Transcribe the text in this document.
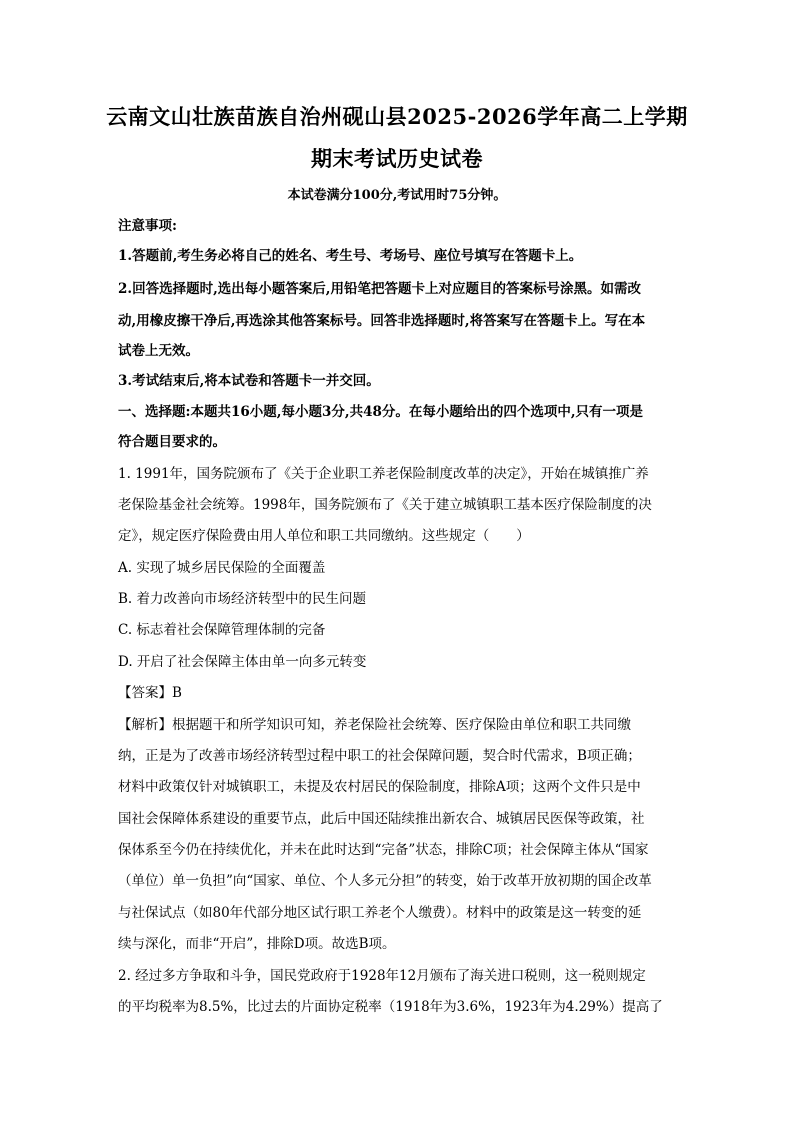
云南文山壮族苗族自治州砚山县2025-2026学年高二上学期
期末考试历史试卷
本试卷满分100分,考试用时75分钟。
注意事项:
1.答题前,考生务必将自己的姓名、考生号、考场号、座位号填写在答题卡上。
2.回答选择题时,选出每小题答案后,用铅笔把答题卡上对应题目的答案标号涂黑。如需改
动,用橡皮擦干净后,再选涂其他答案标号。回答非选择题时,将答案写在答题卡上。写在本
试卷上无效。
3.考试结束后,将本试卷和答题卡一并交回。
一、选择题:本题共16小题,每小题3分,共48分。在每小题给出的四个选项中,只有一项是
符合题目要求的。
1. 1991年，国务院颁布了《关于企业职工养老保险制度改革的决定》，开始在城镇推广养
老保险基金社会统筹。1998年，国务院颁布了《关于建立城镇职工基本医疗保险制度的决
定》，规定医疗保险费由用人单位和职工共同缴纳。这些规定（　　）
A. 实现了城乡居民保险的全面覆盖
B. 着力改善向市场经济转型中的民生问题
C. 标志着社会保障管理体制的完备
D. 开启了社会保障主体由单一向多元转变
【答案】B
【解析】根据题干和所学知识可知，养老保险社会统筹、医疗保险由单位和职工共同缴
纳，正是为了改善市场经济转型过程中职工的社会保障问题，契合时代需求，B项正确；
材料中政策仅针对城镇职工，未提及农村居民的保险制度，排除A项；这两个文件只是中
国社会保障体系建设的重要节点，此后中国还陆续推出新农合、城镇居民医保等政策，社
保体系至今仍在持续优化，并未在此时达到“完备”状态，排除C项；社会保障主体从“国家
（单位）单一负担”向“国家、单位、个人多元分担”的转变，始于改革开放初期的国企改革
与社保试点（如80年代部分地区试行职工养老个人缴费）。材料中的政策是这一转变的延
续与深化，而非“开启”，排除D项。故选B项。
2. 经过多方争取和斗争，国民党政府于1928年12月颁布了海关进口税则，这一税则规定
的平均税率为8.5%，比过去的片面协定税率（1918年为3.6%，1923年为4.29%）提高了
